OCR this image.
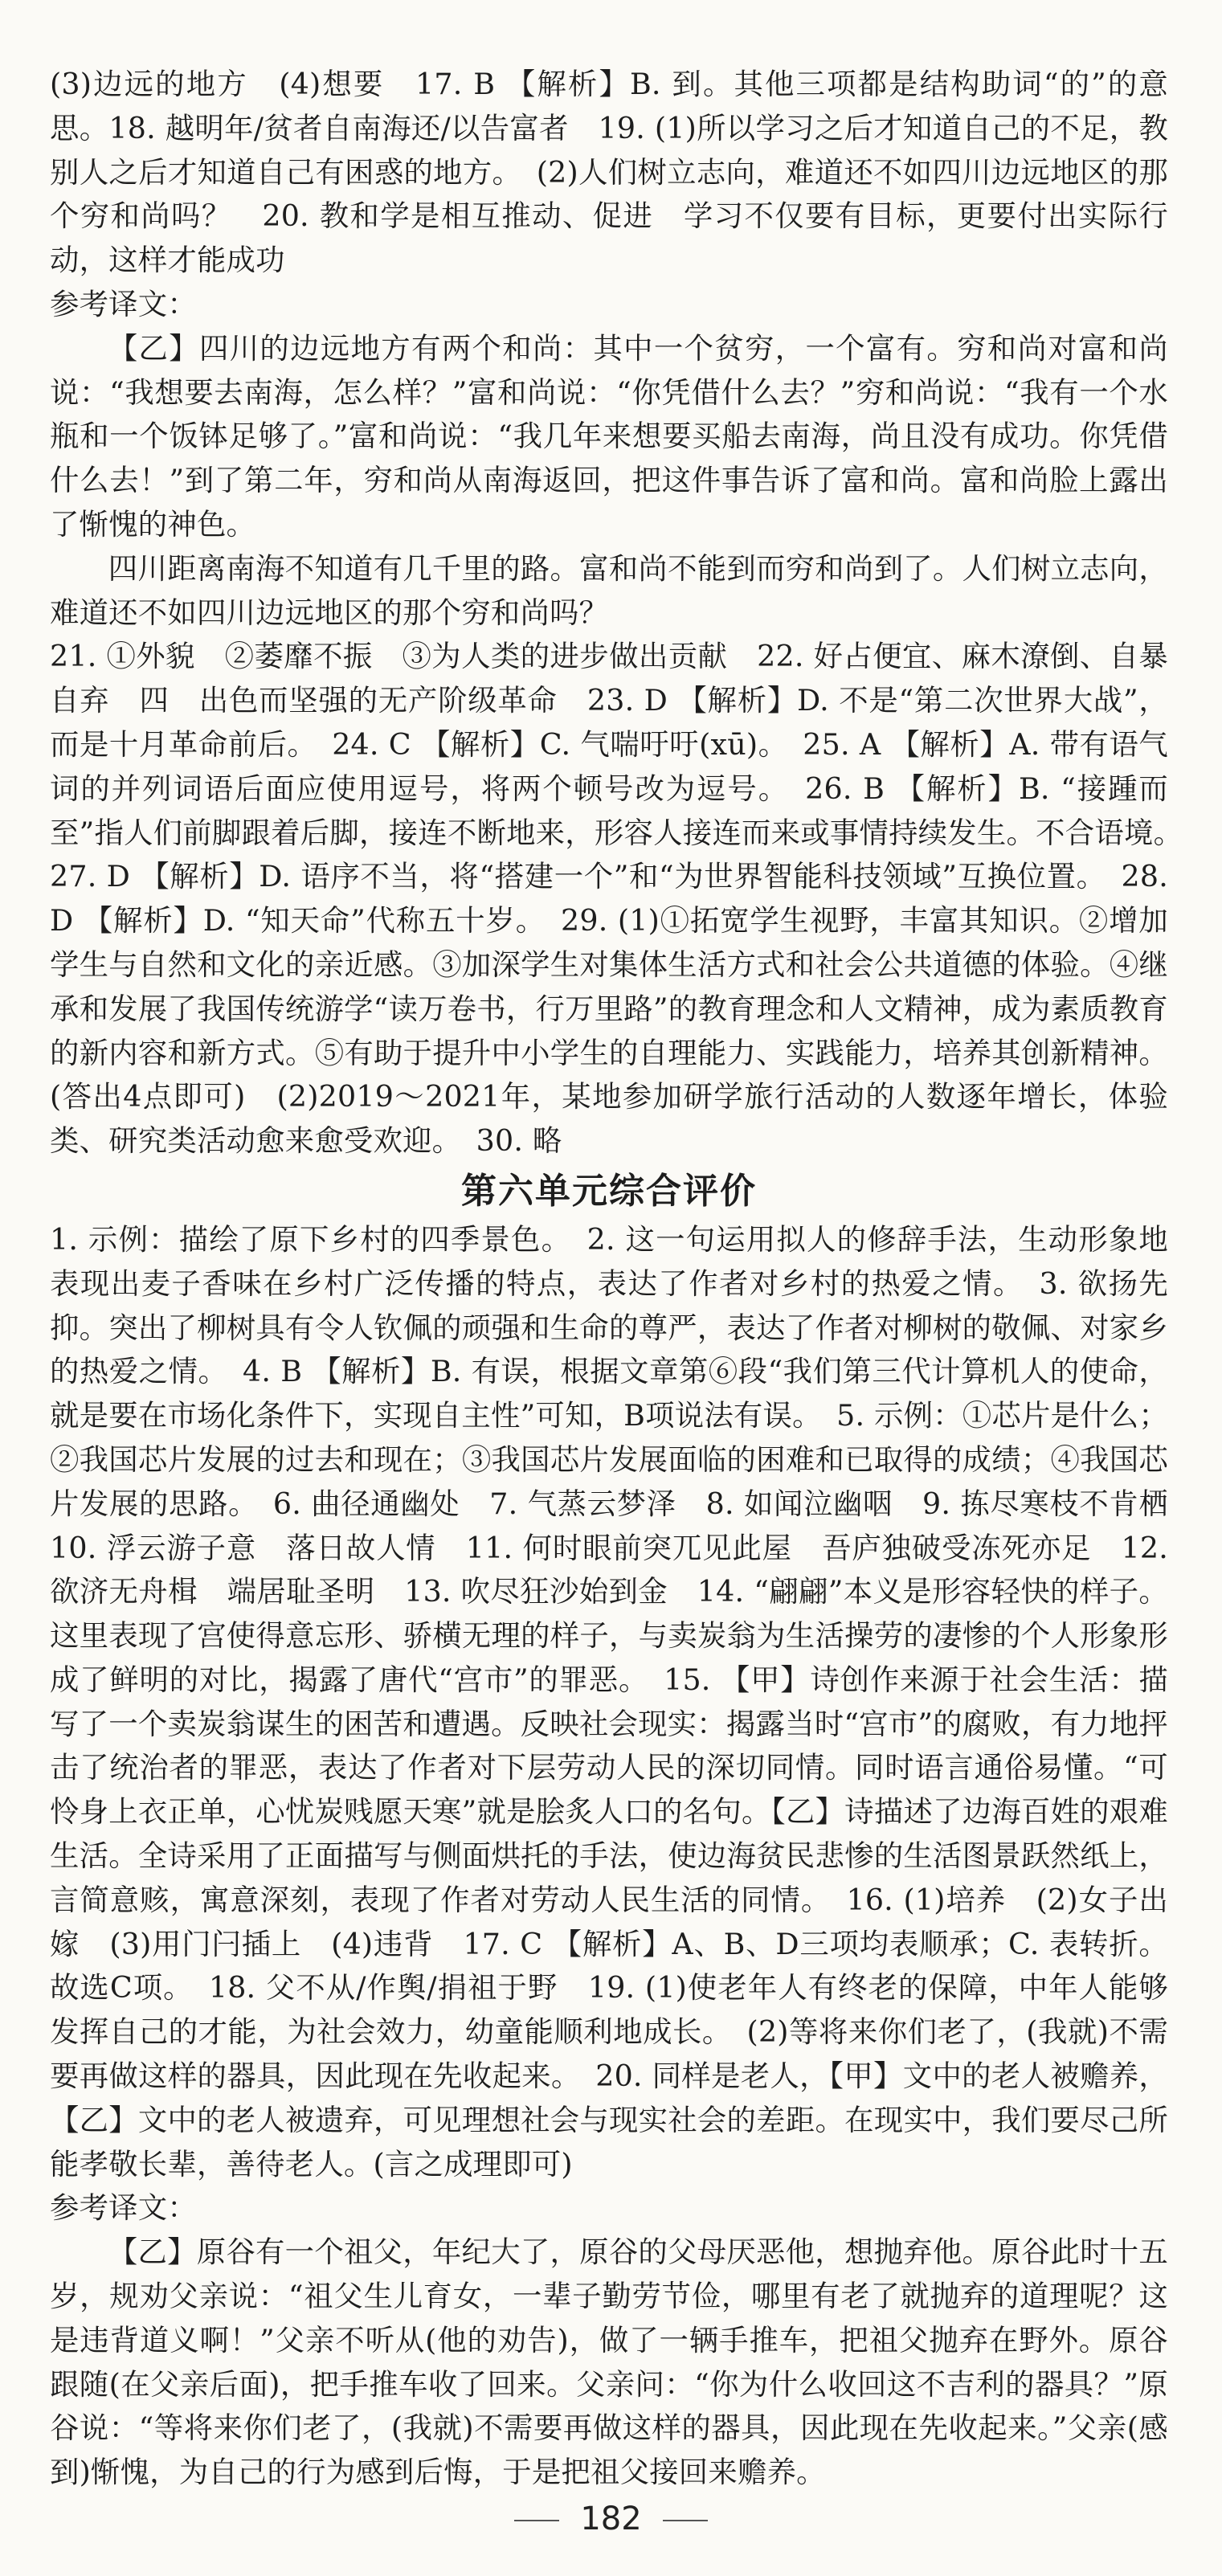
(3)边远的地方　(4)想要　17. B 【解析】B. 到。其他三项都是结构助词“的”的意思。18. 越明年/贫者自南海还/以告富者　19. (1)所以学习之后才知道自己的不足，教别人之后才知道自己有困惑的地方。　(2)人们树立志向，难道还不如四川边远地区的那个穷和尚吗？　20. 教和学是相互推动、促进　学习不仅要有目标，更要付出实际行动，这样才能成功

参考译文：

【乙】四川的边远地方有两个和尚：其中一个贫穷，一个富有。穷和尚对富和尚说：“我想要去南海，怎么样？”富和尚说：“你凭借什么去？”穷和尚说：“我有一个水瓶和一个饭钵足够了。”富和尚说：“我几年来想要买船去南海，尚且没有成功。你凭借什么去！”到了第二年，穷和尚从南海返回，把这件事告诉了富和尚。富和尚脸上露出了惭愧的神色。

四川距离南海不知道有几千里的路。富和尚不能到而穷和尚到了。人们树立志向，难道还不如四川边远地区的那个穷和尚吗？

21. ①外貌　②萎靡不振　③为人类的进步做出贡献　22. 好占便宜、麻木潦倒、自暴自弃　四　出色而坚强的无产阶级革命　23. D 【解析】D. 不是“第二次世界大战”，而是十月革命前后。　24. C 【解析】C. 气喘吁吁(xū)。　25. A 【解析】A. 带有语气词的并列词语后面应使用逗号，将两个顿号改为逗号。　26. B 【解析】B. “接踵而至”指人们前脚跟着后脚，接连不断地来，形容人接连而来或事情持续发生。不合语境。　27. D 【解析】D. 语序不当，将“搭建一个”和“为世界智能科技领域”互换位置。　28. D 【解析】D. “知天命”代称五十岁。　29. (1)①拓宽学生视野，丰富其知识。②增加学生与自然和文化的亲近感。③加深学生对集体生活方式和社会公共道德的体验。④继承和发展了我国传统游学“读万卷书，行万里路”的教育理念和人文精神，成为素质教育的新内容和新方式。⑤有助于提升中小学生的自理能力、实践能力，培养其创新精神。(答出4点即可)　(2)2019～2021年，某地参加研学旅行活动的人数逐年增长，体验类、研究类活动愈来愈受欢迎。　30. 略

第六单元综合评价

1. 示例：描绘了原下乡村的四季景色。　2. 这一句运用拟人的修辞手法，生动形象地表现出麦子香味在乡村广泛传播的特点，表达了作者对乡村的热爱之情。　3. 欲扬先抑。突出了柳树具有令人钦佩的顽强和生命的尊严，表达了作者对柳树的敬佩、对家乡的热爱之情。　4. B 【解析】B. 有误，根据文章第⑥段“我们第三代计算机人的使命，就是要在市场化条件下，实现自主性”可知，B项说法有误。　5. 示例：①芯片是什么；②我国芯片发展的过去和现在；③我国芯片发展面临的困难和已取得的成绩；④我国芯片发展的思路。　6. 曲径通幽处　7. 气蒸云梦泽　8. 如闻泣幽咽　9. 拣尽寒枝不肯栖　10. 浮云游子意　落日故人情　11. 何时眼前突兀见此屋　吾庐独破受冻死亦足　12. 欲济无舟楫　端居耻圣明　13. 吹尽狂沙始到金　14. “翩翩”本义是形容轻快的样子。这里表现了宫使得意忘形、骄横无理的样子，与卖炭翁为生活操劳的凄惨的个人形象形成了鲜明的对比，揭露了唐代“宫市”的罪恶。　15. 【甲】诗创作来源于社会生活：描写了一个卖炭翁谋生的困苦和遭遇。反映社会现实：揭露当时“宫市”的腐败，有力地抨击了统治者的罪恶，表达了作者对下层劳动人民的深切同情。同时语言通俗易懂。“可怜身上衣正单，心忧炭贱愿天寒”就是脍炙人口的名句。【乙】诗描述了边海百姓的艰难生活。全诗采用了正面描写与侧面烘托的手法，使边海贫民悲惨的生活图景跃然纸上，言简意赅，寓意深刻，表现了作者对劳动人民生活的同情。　16. (1)培养　(2)女子出嫁　(3)用门闩插上　(4)违背　17. C 【解析】A、B、D三项均表顺承；C. 表转折。故选C项。　18. 父不从/作舆/捐祖于野　19. (1)使老年人有终老的保障，中年人能够发挥自己的才能，为社会效力，幼童能顺利地成长。　(2)等将来你们老了，(我就)不需要再做这样的器具，因此现在先收起来。　20. 同样是老人，【甲】文中的老人被赡养，【乙】文中的老人被遗弃，可见理想社会与现实社会的差距。在现实中，我们要尽己所能孝敬长辈，善待老人。(言之成理即可)

参考译文：

【乙】原谷有一个祖父，年纪大了，原谷的父母厌恶他，想抛弃他。原谷此时十五岁，规劝父亲说：“祖父生儿育女，一辈子勤劳节俭，哪里有老了就抛弃的道理呢？这是违背道义啊！”父亲不听从(他的劝告)，做了一辆手推车，把祖父抛弃在野外。原谷跟随(在父亲后面)，把手推车收了回来。父亲问：“你为什么收回这不吉利的器具？”原谷说：“等将来你们老了，(我就)不需要再做这样的器具，因此现在先收起来。”父亲(感到)惭愧，为自己的行为感到后悔，于是把祖父接回来赡养。

182
